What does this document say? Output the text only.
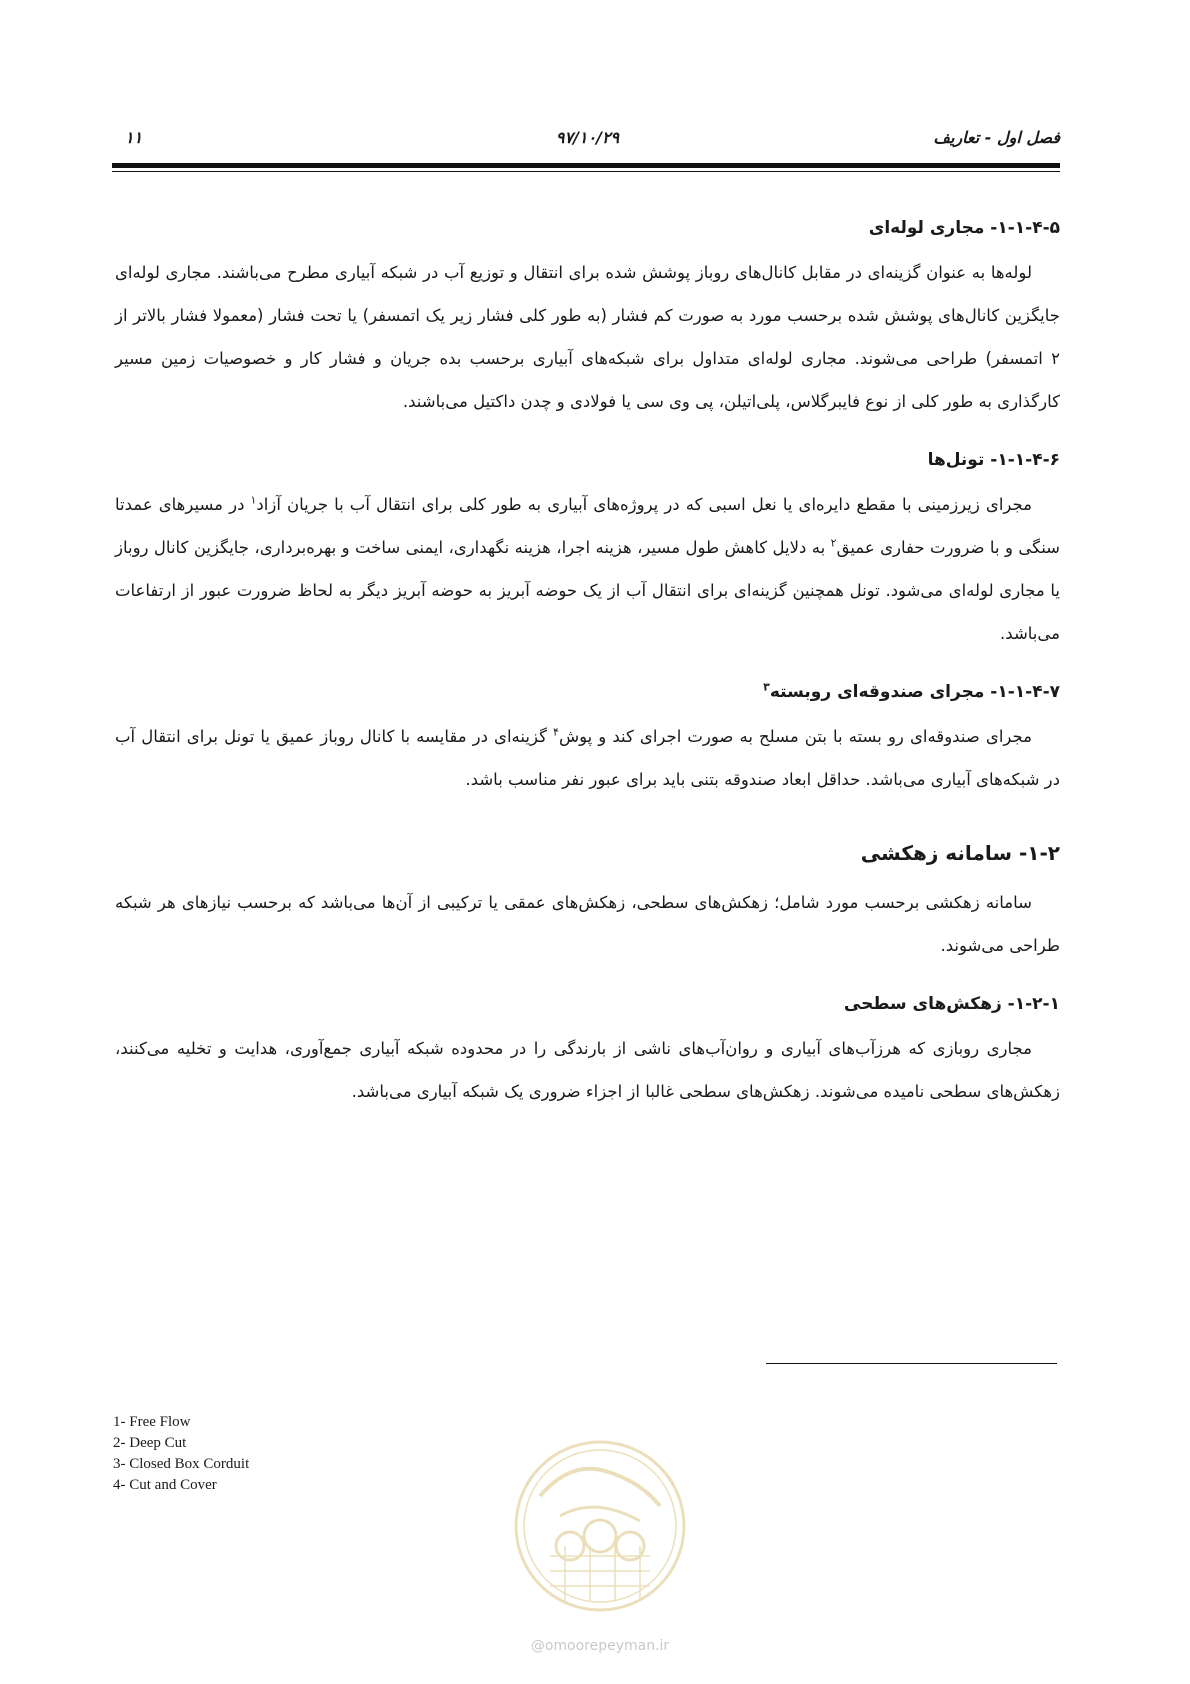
فصل اول - تعاریف
۹۷/۱۰/۲۹
۱۱
۱-۱-۴-۵- مجاری لوله‌ای

لوله‌ها به عنوان گزینه‌ای در مقابل کانال‌های روباز پوشش شده برای انتقال و توزیع آب در شبکه آبیاری مطرح می‌باشند. مجاری لوله‌ای جایگزین کانال‌های پوشش شده برحسب مورد به صورت کم فشار (به طور کلی فشار زیر یک اتمسفر) یا تحت فشار (معمولا فشار بالاتر از ۲ اتمسفر) طراحی می‌شوند. مجاری لوله‌ای متداول برای شبکه‌های آبیاری برحسب بده جریان و فشار کار و خصوصیات زمین مسیر کارگذاری به طور کلی از نوع فایبرگلاس، پلی‌اتیلن، پی وی سی یا فولادی و چدن داکتیل می‌باشند.

۱-۱-۴-۶- تونل‌ها

مجرای زیرزمینی با مقطع دایره‌ای یا نعل اسبی که در پروژه‌های آبیاری به طور کلی برای انتقال آب با جریان آزاد$^۱$ در مسیرهای عمدتا سنگی و با ضرورت حفاری عمیق$^۲$ به دلایل کاهش طول مسیر، هزینه اجرا، هزینه نگهداری، ایمنی ساخت و بهره‌برداری، جایگزین کانال روباز یا مجاری لوله‌ای می‌شود. تونل همچنین گزینه‌ای برای انتقال آب از یک حوضه آبریز به حوضه آبریز دیگر به لحاظ ضرورت عبور از ارتفاعات می‌باشد.

۱-۱-۴-۷- مجرای صندوقه‌ای روبسته$^۳$

مجرای صندوقه‌ای رو بسته با بتن مسلح به صورت اجرای کند و پوش$^۴$ گزینه‌ای در مقایسه با کانال روباز عمیق یا تونل برای انتقال آب در شبکه‌های آبیاری می‌باشد. حداقل ابعاد صندوقه بتنی باید برای عبور نفر مناسب باشد.

۱-۲- سامانه زهکشی

سامانه زهکشی برحسب مورد شامل؛ زهکش‌های سطحی، زهکش‌های عمقی یا ترکیبی از آن‌ها می‌باشد که برحسب نیازهای هر شبکه طراحی می‌شوند.

۱-۲-۱- زهکش‌های سطحی

مجاری روبازی که هرزآب‌های آبیاری و روان‌آب‌های ناشی از بارندگی را در محدوده شبکه آبیاری جمع‌آوری، هدایت و تخلیه می‌کنند، زهکش‌های سطحی نامیده می‌شوند. زهکش‌های سطحی غالبا از اجزاء ضروری یک شبکه آبیاری می‌باشد.

1- Free Flow
2- Deep Cut
3- Closed Box Corduit
4- Cut and Cover
@omoorepeyman.ir
